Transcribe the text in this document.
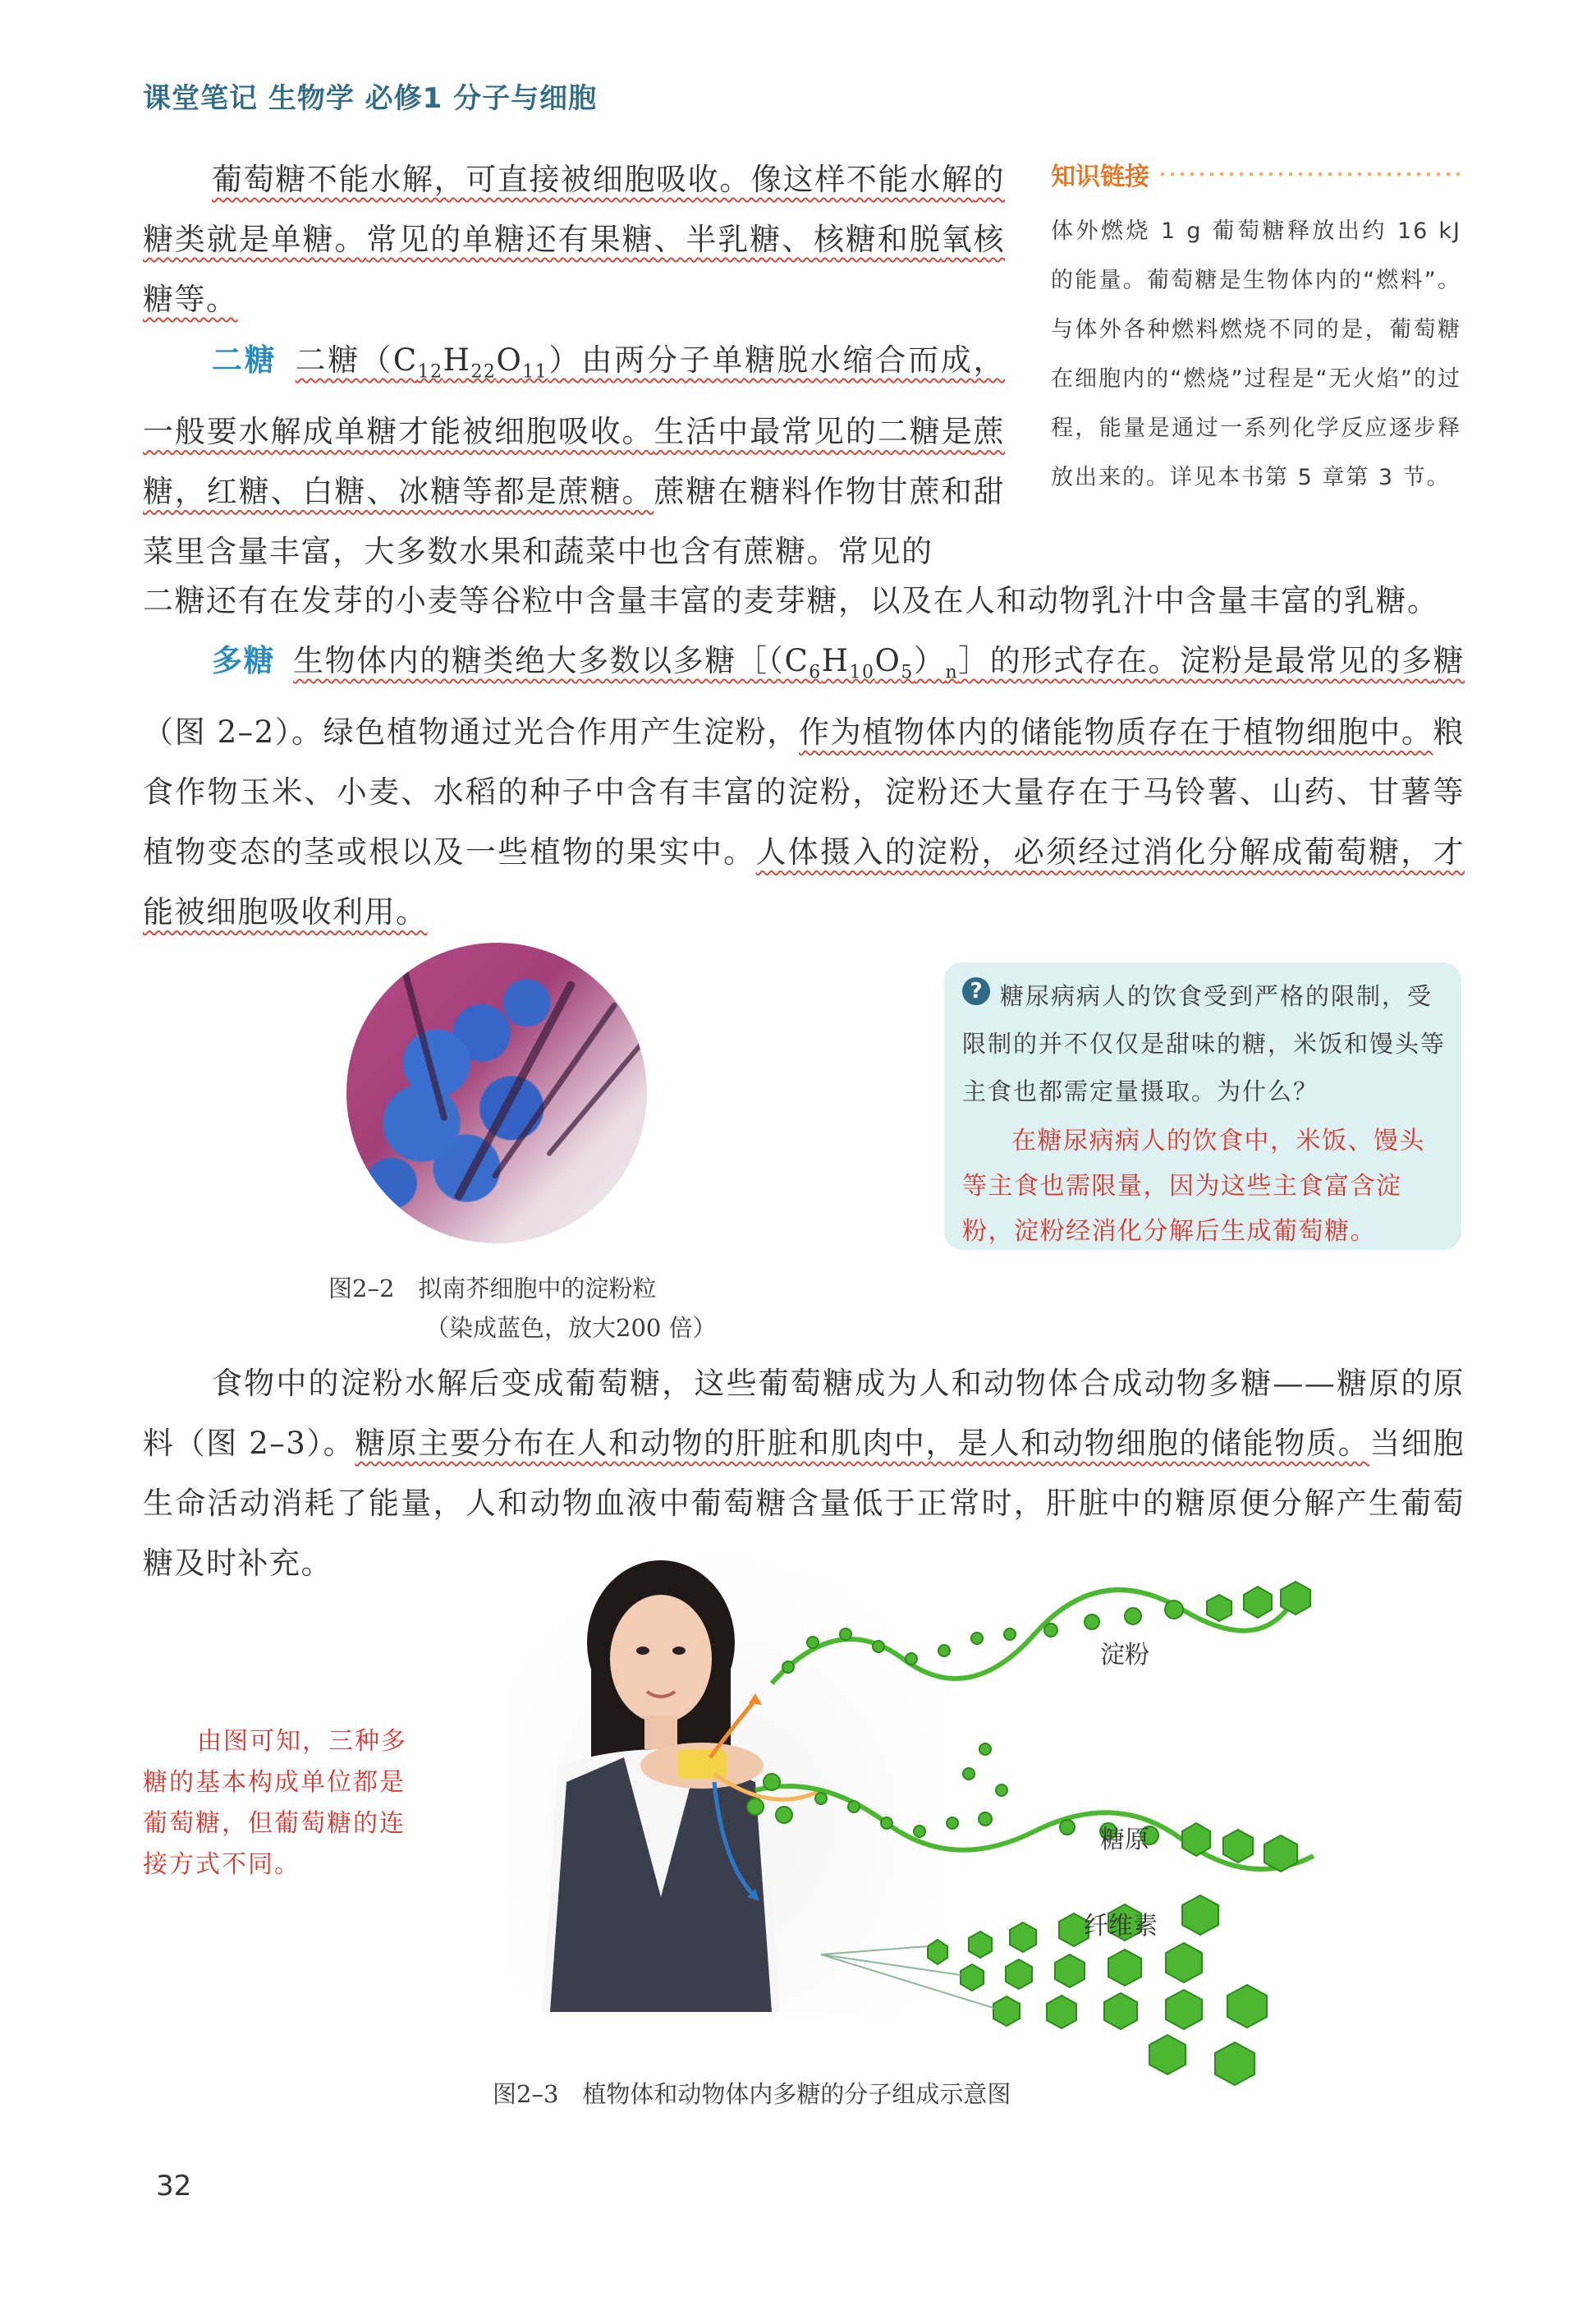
课堂笔记 生物学 必修1 分子与细胞
葡萄糖不能水解，可直接被细胞吸收。像这样不能水解的糖类就是单糖。常见的单糖还有果糖、半乳糖、核糖和脱氧核糖等。
二糖 二糖$(C_{12}H_{22}O_{11})$由两分子单糖脱水缩合而成，一般要水解成单糖才能被细胞吸收。生活中最常见的二糖是蔗糖，红糖、白糖、冰糖等都是蔗糖。蔗糖在糖料作物甘蔗和甜菜里含量丰富，大多数水果和蔬菜中也含有蔗糖。常见的
二糖还有在发芽的小麦等谷粒中含量丰富的麦芽糖，以及在人和动物乳汁中含量丰富的乳糖。
多糖 生物体内的糖类绝大多数以多糖$[(C_6H_{10}O_5)_n]$的形式存在。淀粉是最常见的多糖（图 2–2）。绿色植物通过光合作用产生淀粉，作为植物体内的储能物质存在于植物细胞中。粮食作物玉米、小麦、水稻的种子中含有丰富的淀粉，淀粉还大量存在于马铃薯、山药、甘薯等植物变态的茎或根以及一些植物的果实中。人体摄入的淀粉，必须经过消化分解成葡萄糖，才能被细胞吸收利用。
知识链接
体外燃烧 1 g 葡萄糖释放出约 16 kJ 的能量。葡萄糖是生物体内的“燃料”。与体外各种燃料燃烧不同的是，葡萄糖在细胞内的“燃烧”过程是“无火焰”的过程，能量是通过一系列化学反应逐步释放出来的。详见本书第 5 章第 3 节。
图2–2　拟南芥细胞中的淀粉粒
（染成蓝色，放大200 倍）
? 糖尿病病人的饮食受到严格的限制，受限制的并不仅仅是甜味的糖，米饭和馒头等主食也都需定量摄取。为什么？
在糖尿病病人的饮食中，米饭、馒头等主食也需限量，因为这些主食富含淀粉，淀粉经消化分解后生成葡萄糖。
食物中的淀粉水解后变成葡萄糖，这些葡萄糖成为人和动物体合成动物多糖——糖原的原料（图 2–3）。糖原主要分布在人和动物的肝脏和肌肉中，是人和动物细胞的储能物质。当细胞生命活动消耗了能量，人和动物血液中葡萄糖含量低于正常时，肝脏中的糖原便分解产生葡萄糖及时补充。
由图可知，三种多糖的基本构成单位都是葡萄糖，但葡萄糖的连接方式不同。
淀粉
糖原
纤维素
图2–3　植物体和动物体内多糖的分子组成示意图
32
